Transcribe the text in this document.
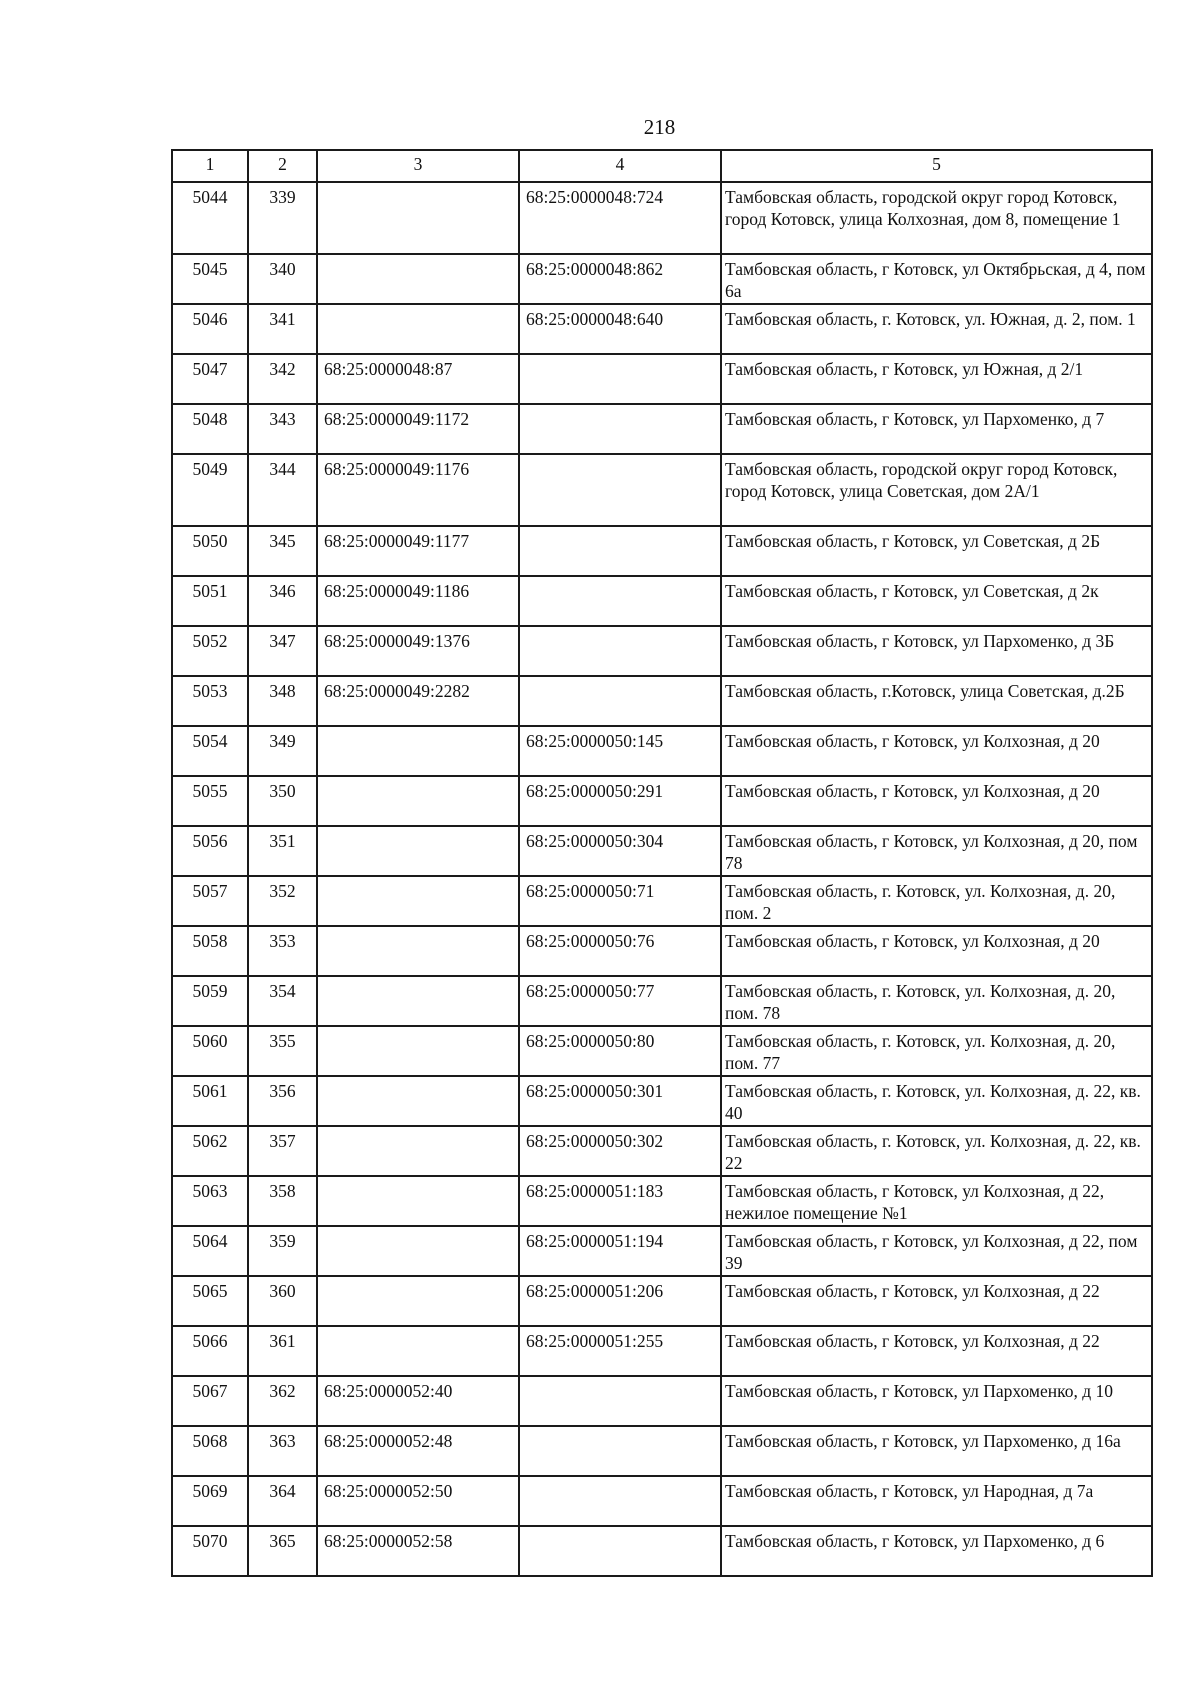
218
1	2	3	4	5
5044	339		68:25:0000048:724	Тамбовская область, городской округ город Котовск, город Котовск, улица Колхозная, дом 8, помещение 1
5045	340		68:25:0000048:862	Тамбовская область, г Котовск, ул Октябрьская, д 4, пом 6а
5046	341		68:25:0000048:640	Тамбовская область, г. Котовск, ул. Южная, д. 2, пом. 1
5047	342	68:25:0000048:87		Тамбовская область, г Котовск, ул Южная, д 2/1
5048	343	68:25:0000049:1172		Тамбовская область, г Котовск, ул Пархоменко, д 7
5049	344	68:25:0000049:1176		Тамбовская область, городской округ город Котовск, город Котовск, улица Советская, дом 2А/1
5050	345	68:25:0000049:1177		Тамбовская область, г Котовск, ул Советская, д 2Б
5051	346	68:25:0000049:1186		Тамбовская область, г Котовск, ул Советская, д 2к
5052	347	68:25:0000049:1376		Тамбовская область, г Котовск, ул Пархоменко, д 3Б
5053	348	68:25:0000049:2282		Тамбовская область, г.Котовск, улица Советская, д.2Б
5054	349		68:25:0000050:145	Тамбовская область, г Котовск, ул Колхозная, д 20
5055	350		68:25:0000050:291	Тамбовская область, г Котовск, ул Колхозная, д 20
5056	351		68:25:0000050:304	Тамбовская область, г Котовск, ул Колхозная, д 20, пом 78
5057	352		68:25:0000050:71	Тамбовская область, г. Котовск, ул. Колхозная, д. 20, пом. 2
5058	353		68:25:0000050:76	Тамбовская область, г Котовск, ул Колхозная, д 20
5059	354		68:25:0000050:77	Тамбовская область, г. Котовск, ул. Колхозная, д. 20, пом. 78
5060	355		68:25:0000050:80	Тамбовская область, г. Котовск, ул. Колхозная, д. 20, пом. 77
5061	356		68:25:0000050:301	Тамбовская область, г. Котовск, ул. Колхозная, д. 22, кв. 40
5062	357		68:25:0000050:302	Тамбовская область, г. Котовск, ул. Колхозная, д. 22, кв. 22
5063	358		68:25:0000051:183	Тамбовская область, г Котовск, ул Колхозная, д 22, нежилое помещение №1
5064	359		68:25:0000051:194	Тамбовская область, г Котовск, ул Колхозная, д 22, пом 39
5065	360		68:25:0000051:206	Тамбовская область, г Котовск, ул Колхозная, д 22
5066	361		68:25:0000051:255	Тамбовская область, г Котовск, ул Колхозная, д 22
5067	362	68:25:0000052:40		Тамбовская область, г Котовск, ул Пархоменко, д 10
5068	363	68:25:0000052:48		Тамбовская область, г Котовск, ул Пархоменко, д 16а
5069	364	68:25:0000052:50		Тамбовская область, г Котовск, ул Народная, д 7а
5070	365	68:25:0000052:58		Тамбовская область, г Котовск, ул Пархоменко, д 6
